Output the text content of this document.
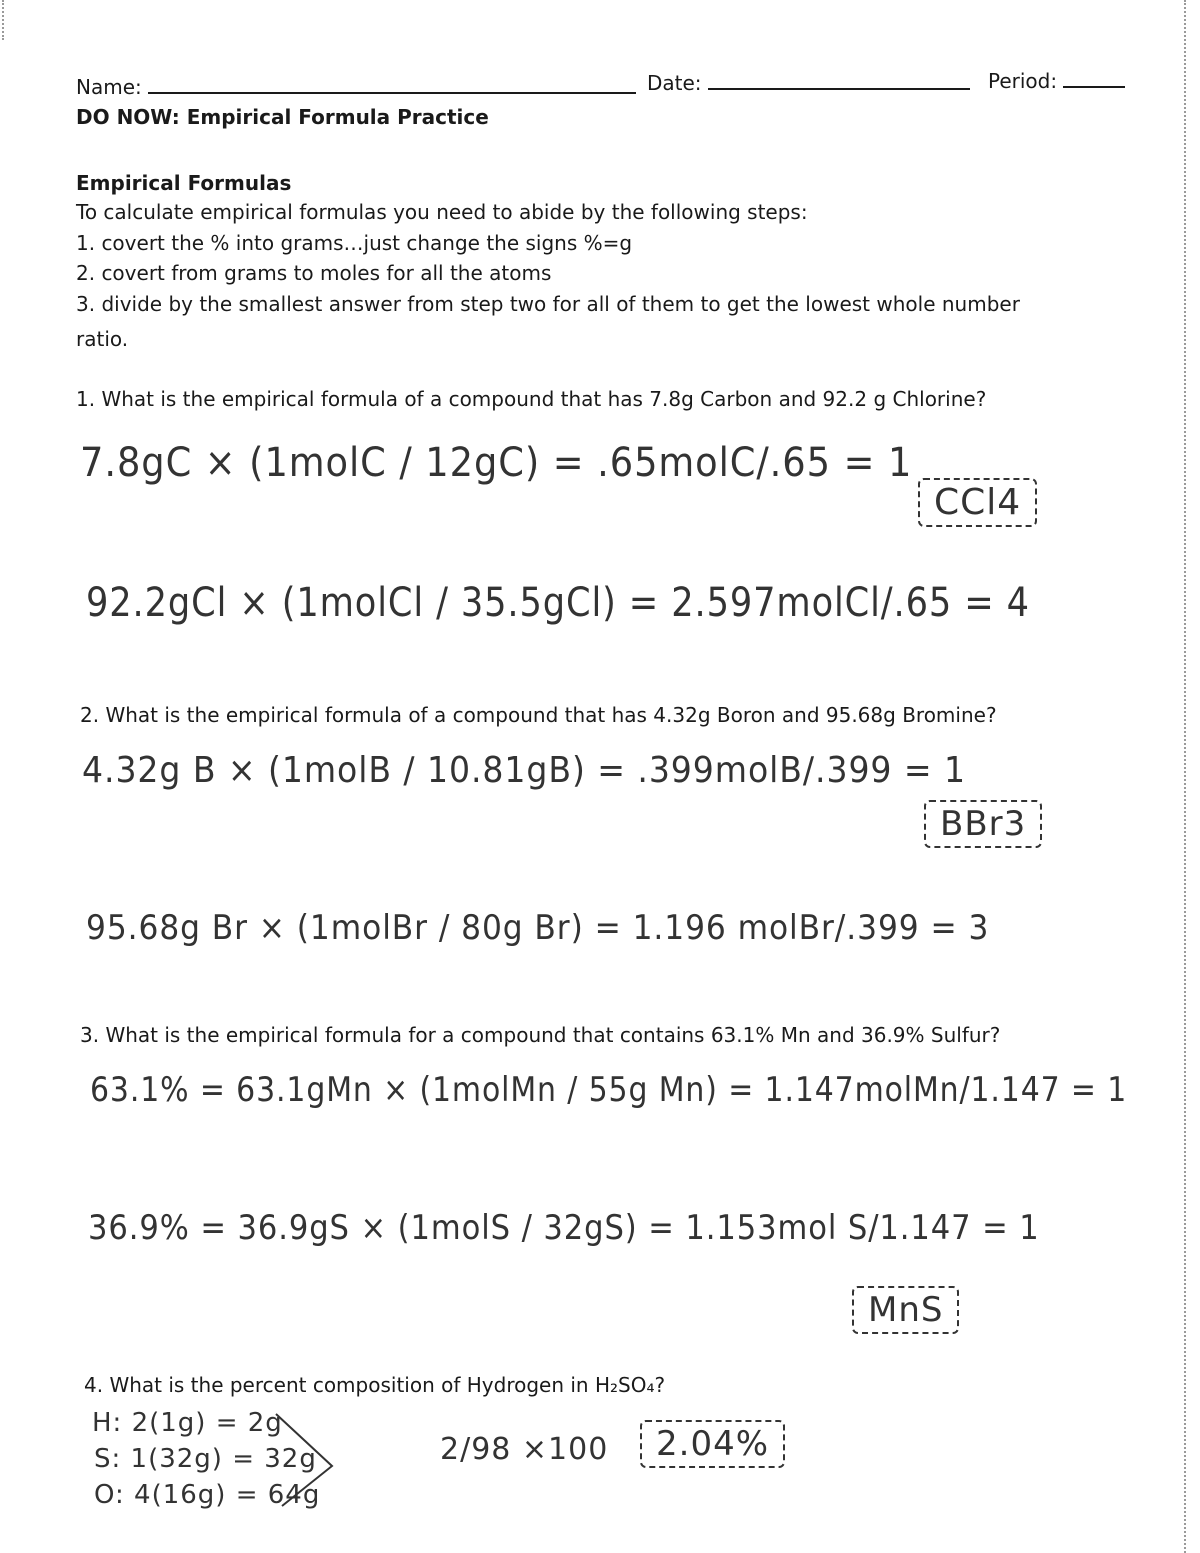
Name:	Date:	Period:
DO NOW: Empirical Formula Practice
Empirical Formulas
To calculate empirical formulas you need to abide by the following steps:
1. covert the % into grams…just change the signs %=g
2. covert from grams to moles for all the atoms
3. divide by the smallest answer from step two for all of them to get the lowest whole number
ratio.
1. What is the empirical formula of a compound that has 7.8g Carbon and 92.2 g Chlorine?
7.8gC × (1molC / 12gC) = .65molC/.65 = 1
CCl4
92.2gCl × (1molCl / 35.5gCl) = 2.597molCl/.65 = 4
2. What is the empirical formula of a compound that has 4.32g Boron and 95.68g Bromine?
4.32g B × (1molB / 10.81gB) = .399molB/.399 = 1
BBr3
95.68g Br × (1molBr / 80g Br) = 1.196 molBr/.399 = 3
3. What is the empirical formula for a compound that contains 63.1% Mn and 36.9% Sulfur?
63.1% = 63.1gMn × (1molMn / 55g Mn) = 1.147molMn/1.147 = 1
36.9% = 36.9gS × (1molS / 32gS) = 1.153mol S/1.147 = 1
MnS
4. What is the percent composition of Hydrogen in H₂SO₄?
H: 2(1g) = 2g
S: 1(32g) = 32g
O: 4(16g) = 64g
2/98 ×100	2.04%
